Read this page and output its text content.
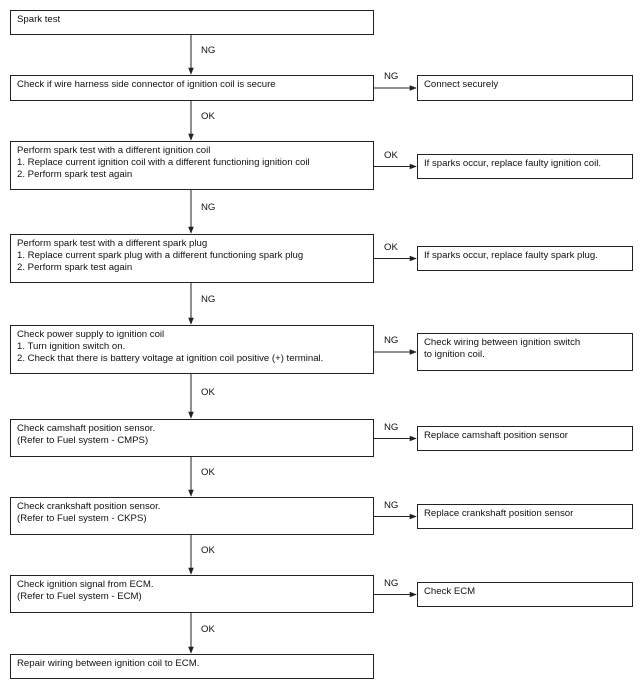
Spark test
Check if wire harness side connector of ignition coil is secure
Perform spark test with a different ignition coil
1. Replace current ignition coil with a different functioning ignition coil
2. Perform spark test again
Perform spark test with a different spark plug
1. Replace current spark plug with a different functioning spark plug
2. Perform spark test again
Check power supply to ignition coil
1. Turn ignition switch on.
2. Check that there is battery voltage at ignition coil positive (+) terminal.
Check camshaft position sensor.
(Refer to Fuel system - CMPS)
Check crankshaft position sensor.
(Refer to Fuel system - CKPS)
Check ignition signal from ECM.
(Refer to Fuel system - ECM)
Repair wiring between ignition coil to ECM.
Connect securely
If sparks occur, replace faulty ignition coil.
If sparks occur, replace faulty spark plug.
Check wiring between ignition switch
to ignition coil.
Replace camshaft position sensor
Replace crankshaft position sensor
Check ECM
NG
NG
OK
OK
NG
OK
NG
NG
OK
NG
OK
NG
OK
NG
OK
